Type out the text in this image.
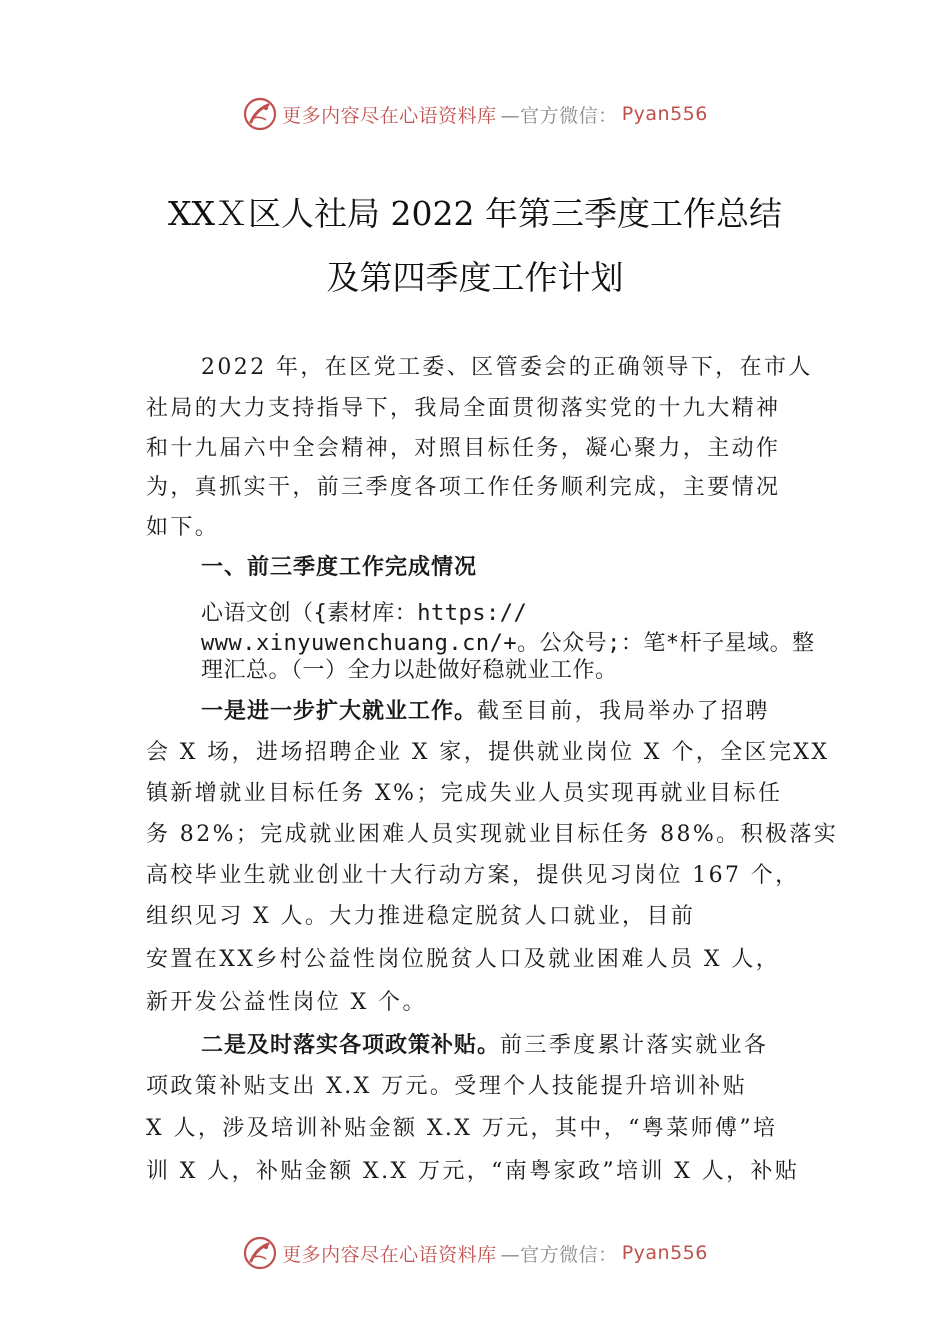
更多内容尽在心语资料库 —官方微信： Pyan556
XXＸ区人社局 2022 年第三季度工作总结
及第四季度工作计划
2022 年，在区党工委、区管委会的正确领导下，在市人
社局的大力支持指导下，我局全面贯彻落实党的十九大精神
和十九届六中全会精神，对照目标任务，凝心聚力，主动作
为，真抓实干，前三季度各项工作任务顺利完成，主要情况
如下。
一、前三季度工作完成情况
心语文创（{素材库：https://
www.xinyuwenchuang.cn/+。公众号;：笔*杆子星域。整
理汇总。（一）全力以赴做好稳就业工作。
一是进一步扩大就业工作。截至目前，我局举办了招聘
会 X 场，进场招聘企业 X 家，提供就业岗位 X 个，全区完XX
镇新增就业目标任务 X%；完成失业人员实现再就业目标任
务 82%；完成就业困难人员实现就业目标任务 88%。积极落实
高校毕业生就业创业十大行动方案，提供见习岗位 167 个，
组织见习 X 人。大力推进稳定脱贫人口就业，目前
安置在XX乡村公益性岗位脱贫人口及就业困难人员 X 人，
新开发公益性岗位 X 个。
二是及时落实各项政策补贴。前三季度累计落实就业各
项政策补贴支出 X.X 万元。受理个人技能提升培训补贴
X 人，涉及培训补贴金额 X.X 万元，其中，“粤菜师傅”培
训 X 人，补贴金额 X.X 万元，“南粤家政”培训 X 人，补贴
更多内容尽在心语资料库 —官方微信： Pyan556
